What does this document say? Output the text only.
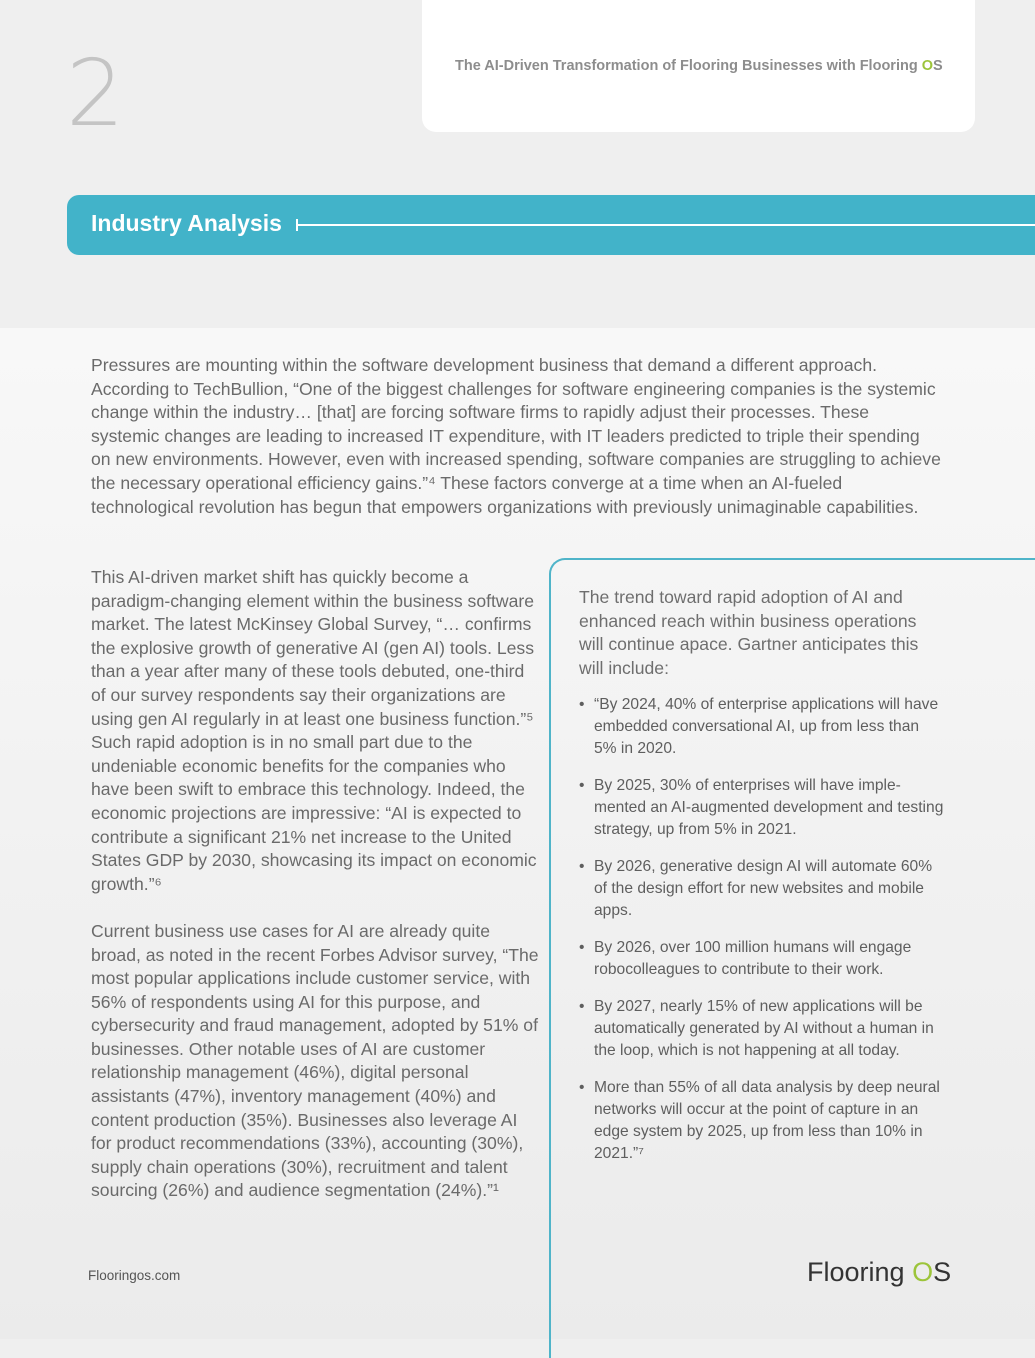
2	The AI-Driven Transformation of Flooring Businesses with Flooring OS
Industry Analysis

Pressures are mounting within the software development business that demand a different approach. According to TechBullion, “One of the biggest challenges for software engineering companies is the systemic change within the industry… [that] are forcing software firms to rapidly adjust their processes. These systemic changes are leading to increased IT expenditure, with IT leaders predicted to triple their spending on new environments. However, even with increased spending, software companies are struggling to achieve the necessary operational efficiency gains.”⁴ These factors converge at a time when an AI-fueled technological revolution has begun that empowers organizations with previously unimaginable capabilities.

This AI-driven market shift has quickly become a paradigm-changing element within the business software market. The latest McKinsey Global Survey, “… confirms the explosive growth of generative AI (gen AI) tools. Less than a year after many of these tools debuted, one-third of our survey respondents say their organizations are using gen AI regularly in at least one business function.”⁵ Such rapid adoption is in no small part due to the undeniable economic benefits for the companies who have been swift to embrace this technology. Indeed, the economic projections are impressive: “AI is expected to contribute a significant 21% net increase to the United States GDP by 2030, showcasing its impact on economic growth.”⁶

Current business use cases for AI are already quite broad, as noted in the recent Forbes Advisor survey, “The most popular applications include customer service, with 56% of respondents using AI for this purpose, and cybersecurity and fraud management, adopted by 51% of businesses. Other notable uses of AI are customer relationship management (46%), digital personal assistants (47%), inventory management (40%) and content production (35%). Businesses also leverage AI for product recommendations (33%), accounting (30%), supply chain operations (30%), recruitment and talent sourcing (26%) and audience segmentation (24%).”¹

The trend toward rapid adoption of AI and enhanced reach within business operations will continue apace. Gartner anticipates this will include:

• “By 2024, 40% of enterprise applications will have embedded conversational AI, up from less than 5% in 2020.
• By 2025, 30% of enterprises will have implemented an AI-augmented development and testing strategy, up from 5% in 2021.
• By 2026, generative design AI will automate 60% of the design effort for new websites and mobile apps.
• By 2026, over 100 million humans will engage robocolleagues to contribute to their work.
• By 2027, nearly 15% of new applications will be automatically generated by AI without a human in the loop, which is not happening at all today.
• More than 55% of all data analysis by deep neural networks will occur at the point of capture in an edge system by 2025, up from less than 10% in 2021.”⁷
Flooringos.com	Flooring OS
